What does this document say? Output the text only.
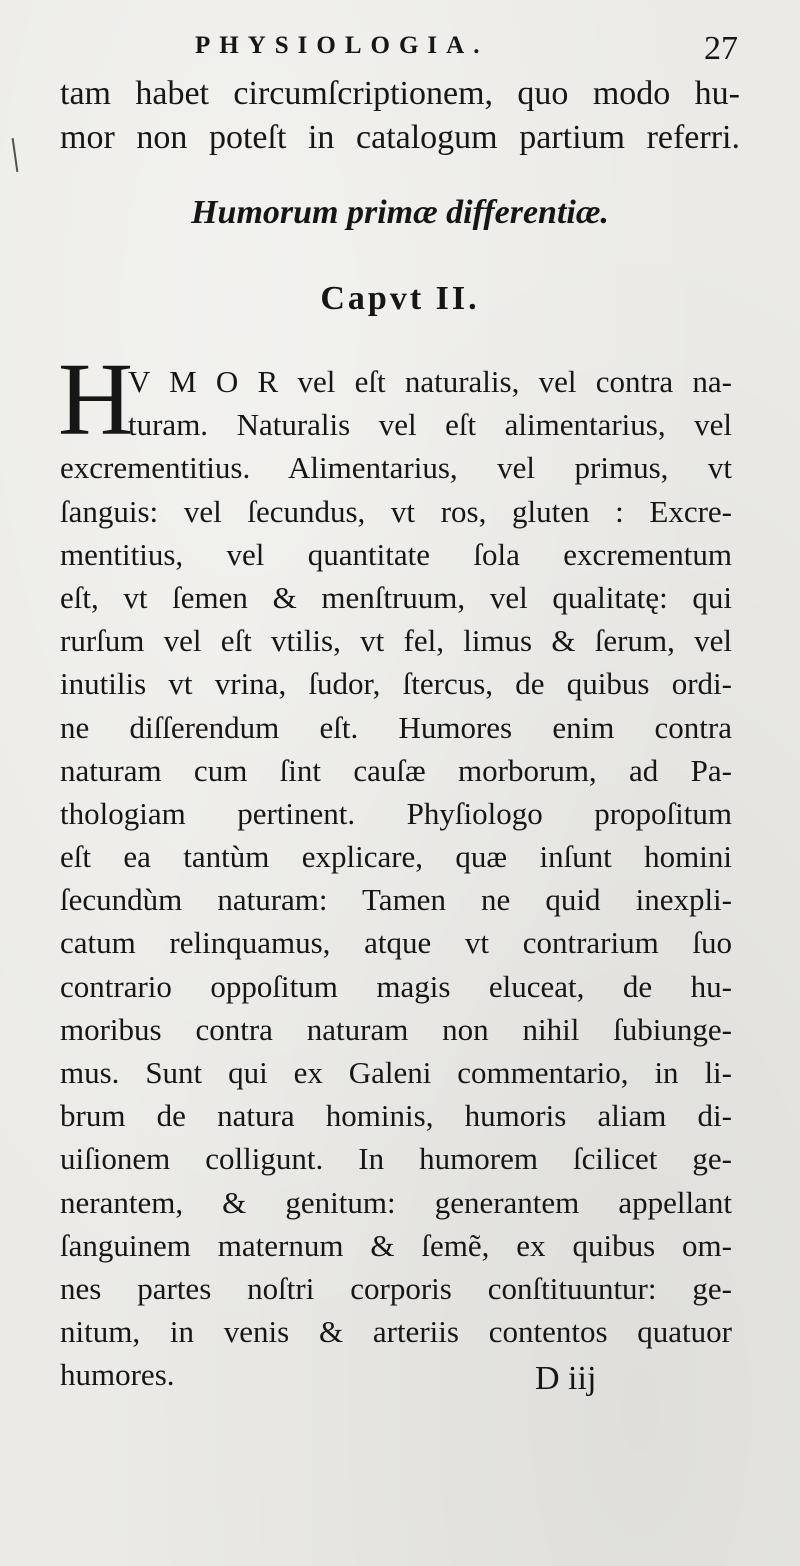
PHYSIOLOGIA.	27

tam habet circumſcriptionem, quo modo hu-
mor non poteſt in catalogum partium referri.

Humorum primæ differentiæ.
Capvt II.
H

V M O R vel eſt naturalis, vel contra na-
turam. Naturalis vel eſt alimentarius, vel
excrementitius. Alimentarius, vel primus, vt
ſanguis: vel ſecundus, vt ros, gluten : Excre-
mentitius, vel quantitate ſola excrementum
eſt, vt ſemen & menſtruum, vel qualitatę: qui
rurſum vel eſt vtilis, vt fel, limus & ſerum, vel
inutilis vt vrina, ſudor, ſtercus, de quibus ordi-
ne diſſerendum eſt. Humores enim contra
naturam cum ſint cauſæ morborum, ad Pa-
thologiam pertinent. Phyſiologo propoſitum
eſt ea tantùm explicare, quæ inſunt homini
ſecundùm naturam: Tamen ne quid inexpli-
catum relinquamus, atque vt contrarium ſuo
contrario oppoſitum magis eluceat, de hu-
moribus contra naturam non nihil ſubiunge-
mus. Sunt qui ex Galeni commentario, in li-
brum de natura hominis, humoris aliam di-
uiſionem colligunt. In humorem ſcilicet ge-
nerantem, & genitum: generantem appellant
ſanguinem maternum & ſemẽ, ex quibus om-
nes partes noſtri corporis conſtituuntur: ge-
nitum, in venis & arteriis contentos quatuor
humores.	D iij
